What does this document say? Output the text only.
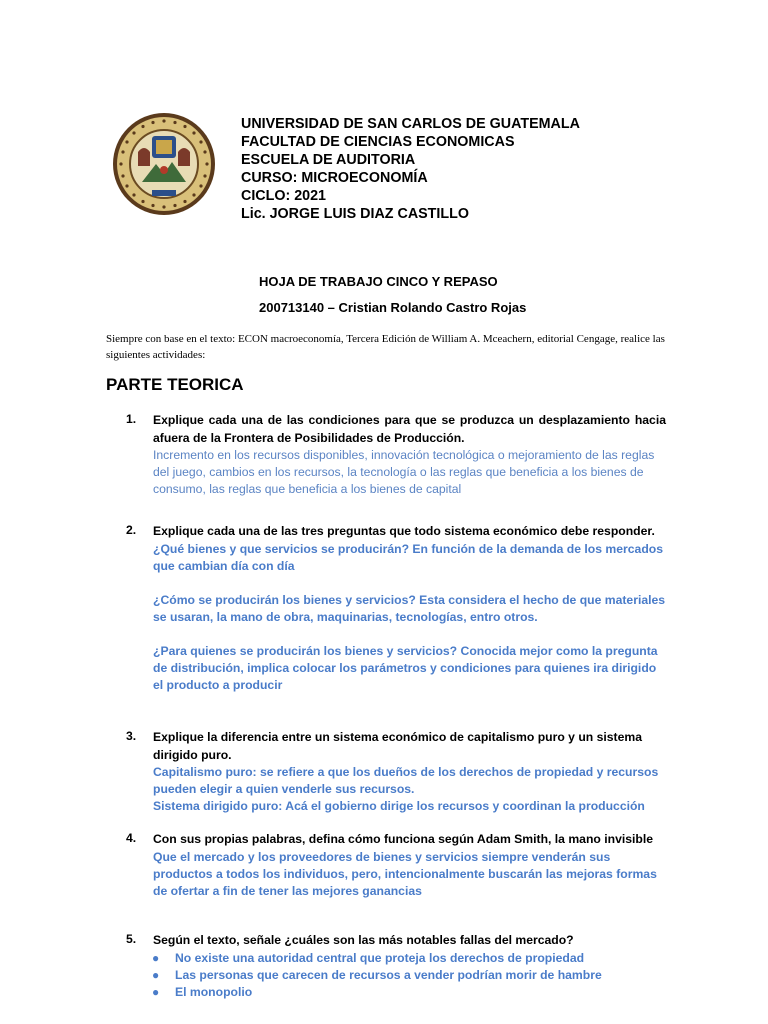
UNIVERSIDAD DE SAN CARLOS DE GUATEMALA
FACULTAD DE CIENCIAS ECONOMICAS
ESCUELA DE AUDITORIA
CURSO: MICROECONOMÍA
CICLO: 2021
Lic. JORGE LUIS DIAZ CASTILLO
HOJA DE TRABAJO CINCO Y REPASO
200713140 – Cristian Rolando Castro Rojas
Siempre con base en el texto: ECON macroeconomía, Tercera Edición de William A. Mceachern, editorial Cengage, realice las siguientes actividades:
PARTE TEORICA
1. Explique cada una de las condiciones para que se produzca un desplazamiento hacia afuera de la Frontera de Posibilidades de Producción.
Incremento en los recursos disponibles, innovación tecnológica o mejoramiento de las reglas del juego, cambios en los recursos, la tecnología o las reglas que beneficia a los bienes de consumo, las reglas que beneficia a los bienes de capital
2. Explique cada una de las tres preguntas que todo sistema económico debe responder.

¿Qué bienes y que servicios se producirán? En función de la demanda de los mercados que cambian día con día

¿Cómo se producirán los bienes y servicios? Esta considera el hecho de que materiales se usaran, la mano de obra, maquinarias, tecnologías, entro otros.

¿Para quienes se producirán los bienes y servicios? Conocida mejor como la pregunta de distribución, implica colocar los parámetros y condiciones para quienes ira dirigido el producto a producir

3. Explique la diferencia entre un sistema económico de capitalismo puro y un sistema dirigido puro.

Capitalismo puro: se refiere a que los dueños de los derechos de propiedad y recursos pueden elegir a quien venderle sus recursos.

Sistema dirigido puro: Acá el gobierno dirige los recursos y coordinan la producción

4. Con sus propias palabras, defina cómo funciona según Adam Smith, la mano invisible
Que el mercado y los proveedores de bienes y servicios siempre venderán sus productos a todos los individuos, pero, intencionalmente buscarán las mejoras formas de ofertar a fin de tener las mejores ganancias
5. Según el texto, señale ¿cuáles son las más notables fallas del mercado?
● No existe una autoridad central que proteja los derechos de propiedad
● Las personas que carecen de recursos a vender podrían morir de hambre
● El monopolio
